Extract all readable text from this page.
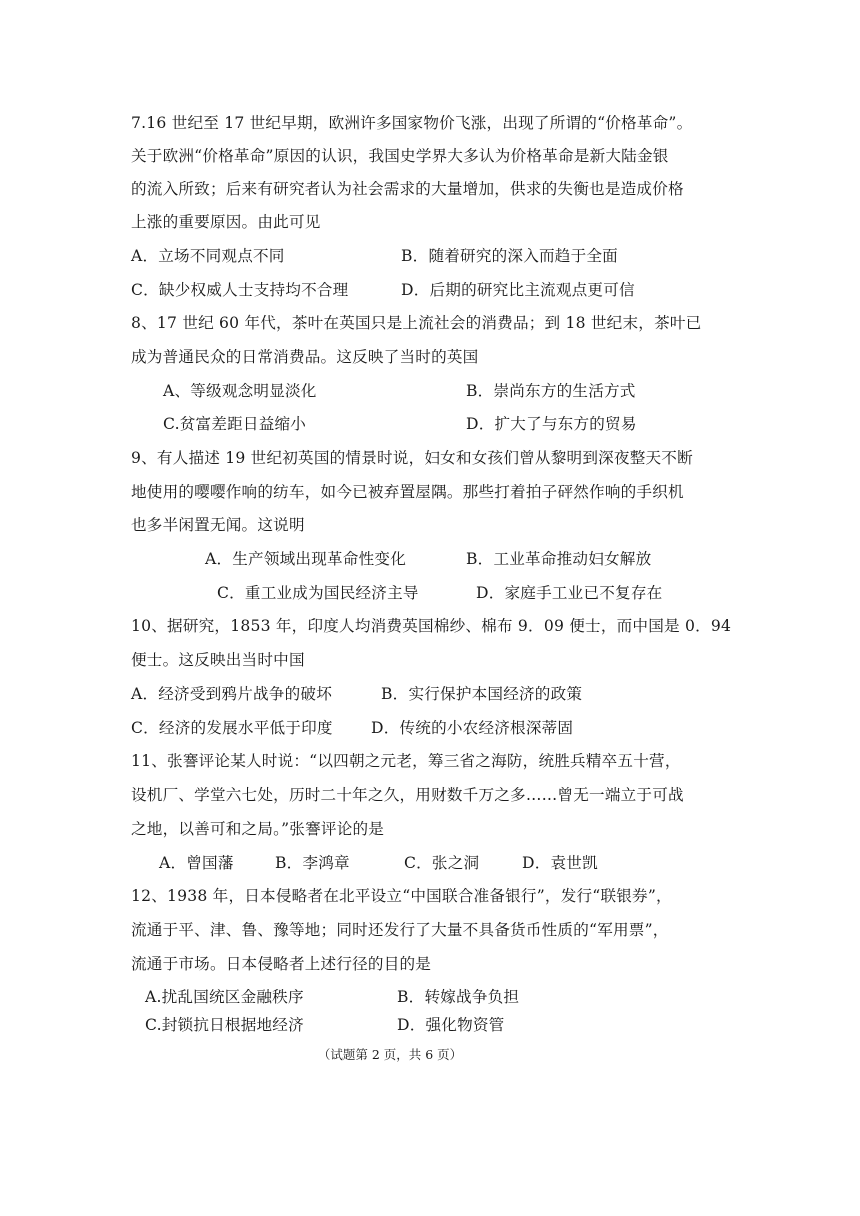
7.16 世纪至 17 世纪早期，欧洲许多国家物价飞涨，出现了所谓的“价格革命”。
关于欧洲“价格革命”原因的认识，我国史学界大多认为价格革命是新大陆金银
的流入所致；后来有研究者认为社会需求的大量增加，供求的失衡也是造成价格
上涨的重要原因。由此可见
A．立场不同观点不同	B．随着研究的深入而趋于全面
C．缺少权威人士支持均不合理	D．后期的研究比主流观点更可信
8、17 世纪 60 年代，茶叶在英国只是上流社会的消费品；到 18 世纪末，茶叶已
成为普通民众的日常消费品。这反映了当时的英国
A、等级观念明显淡化	B．崇尚东方的生活方式
C.贫富差距日益缩小	D．扩大了与东方的贸易
9、有人描述 19 世纪初英国的情景时说，妇女和女孩们曾从黎明到深夜整天不断
地使用的嘤嘤作响的纺车，如今已被弃置屋隅。那些打着拍子砰然作响的手织机
也多半闲置无闻。这说明
A．生产领域出现革命性变化	B．工业革命推动妇女解放
C．重工业成为国民经济主导	D．家庭手工业已不复存在
10、据研究，1853 年，印度人均消费英国棉纱、棉布 9．09 便士，而中国是 0．94
便士。这反映出当时中国
A．经济受到鸦片战争的破坏	B．实行保护本国经济的政策
C．经济的发展水平低于印度 D．传统的小农经济根深蒂固
11、张謇评论某人时说：“以四朝之元老，筹三省之海防，统胜兵精卒五十营，
设机厂、学堂六七处，历时二十年之久，用财数千万之多……曾无一端立于可战
之地，以善可和之局。”张謇评论的是
A．曾国藩	B．李鸿章	C．张之洞	D．袁世凯
12、1938 年，日本侵略者在北平设立“中国联合准备银行”，发行“联银券”，
流通于平、津、鲁、豫等地；同时还发行了大量不具备货币性质的“军用票”，
流通于市场。日本侵略者上述行径的目的是
A.扰乱国统区金融秩序	B．转嫁战争负担
C.封锁抗日根据地经济	D．强化物资管
（试题第 2 页，共 6 页）
